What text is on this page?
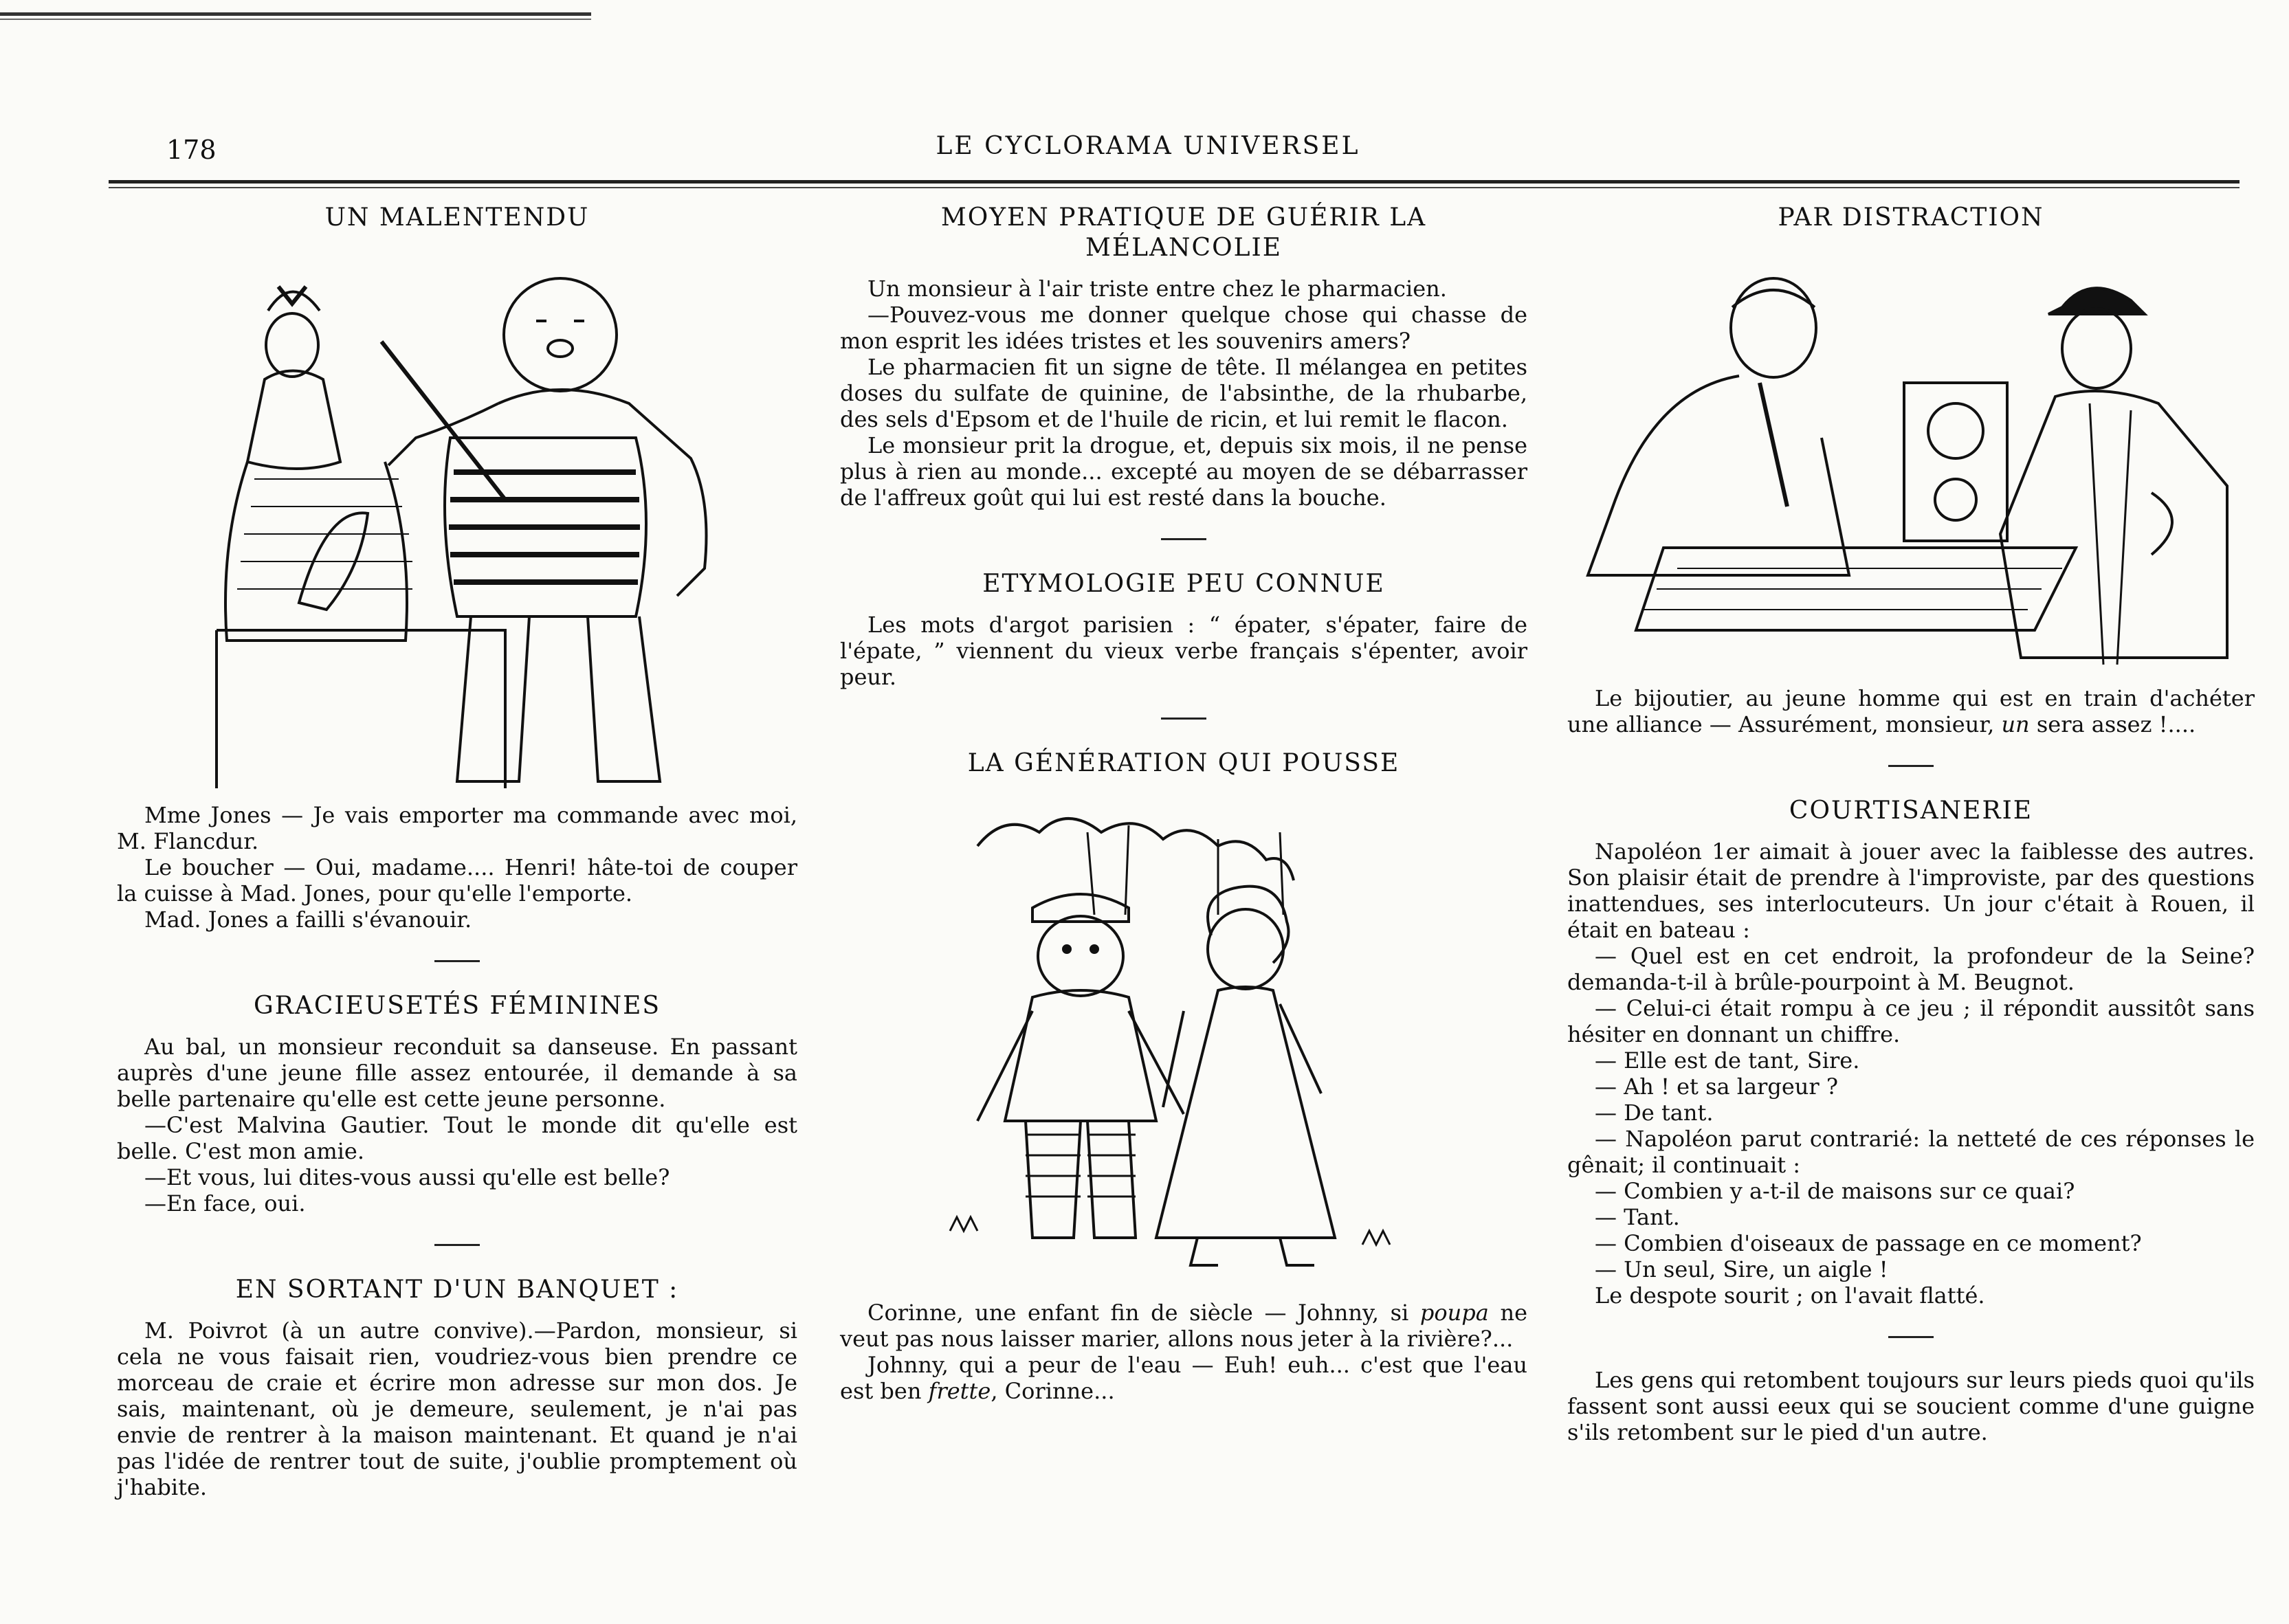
178	LE CYCLORAMA UNIVERSEL
UN MALENTENDU

Mme Jones — Je vais emporter ma commande avec moi, M. Flancdur.

Le boucher — Oui, madame.... Henri! hâte-toi de couper la cuisse à Mad. Jones, pour qu'elle l'emporte.

Mad. Jones a failli s'évanouir.

GRACIEUSETÉS FÉMININES

Au bal, un monsieur reconduit sa danseuse. En passant auprès d'une jeune fille assez entourée, il demande à sa belle partenaire qu'elle est cette jeune personne.

—C'est Malvina Gautier. Tout le monde dit qu'elle est belle. C'est mon amie.

—Et vous, lui dites-vous aussi qu'elle est belle?

—En face, oui.

EN SORTANT D'UN BANQUET :

M. Poivrot (à un autre convive).—Pardon, monsieur, si cela ne vous faisait rien, voudriez-vous bien prendre ce morceau de craie et écrire mon adresse sur mon dos. Je sais, maintenant, où je demeure, seulement, je n'ai pas envie de rentrer à la maison maintenant. Et quand je n'ai pas l'idée de rentrer tout de suite, j'oublie promptement où j'habite.

MOYEN PRATIQUE DE GUÉRIR LA MÉLANCOLIE

Un monsieur à l'air triste entre chez le pharmacien.

—Pouvez-vous me donner quelque chose qui chasse de mon esprit les idées tristes et les souvenirs amers?

Le pharmacien fit un signe de tête. Il mélangea en petites doses du sulfate de quinine, de l'absinthe, de la rhubarbe, des sels d'Epsom et de l'huile de ricin, et lui remit le flacon.

Le monsieur prit la drogue, et, depuis six mois, il ne pense plus à rien au monde... excepté au moyen de se débarrasser de l'affreux goût qui lui est resté dans la bouche.

ETYMOLOGIE PEU CONNUE

Les mots d'argot parisien : “ épater, s'épater, faire de l'épate, ” viennent du vieux verbe français s'épenter, avoir peur.

LA GÉNÉRATION QUI POUSSE

Corinne, une enfant fin de siècle — Johnny, si poupa ne veut pas nous laisser marier, allons nous jeter à la rivière?...

Johnny, qui a peur de l'eau — Euh! euh... c'est que l'eau est ben frette, Corinne...

PAR DISTRACTION

Le bijoutier, au jeune homme qui est en train d'achéter une alliance — Assurément, monsieur, un sera assez !....

COURTISANERIE

Napoléon 1er aimait à jouer avec la faiblesse des autres. Son plaisir était de prendre à l'improviste, par des questions inattendues, ses interlocuteurs. Un jour c'était à Rouen, il était en bateau :

— Quel est en cet endroit, la profondeur de la Seine? demanda-t-il à brûle-pourpoint à M. Beugnot.

— Celui-ci était rompu à ce jeu ; il répondit aussitôt sans hésiter en donnant un chiffre.

— Elle est de tant, Sire.

— Ah ! et sa largeur ?

— De tant.

— Napoléon parut contrarié: la netteté de ces réponses le gênait; il continuait :

— Combien y a-t-il de maisons sur ce quai?

— Tant.

— Combien d'oiseaux de passage en ce moment?

— Un seul, Sire, un aigle !

Le despote sourit ; on l'avait flatté.

Les gens qui retombent toujours sur leurs pieds quoi qu'ils fassent sont aussi eeux qui se soucient comme d'une guigne s'ils retombent sur le pied d'un autre.
